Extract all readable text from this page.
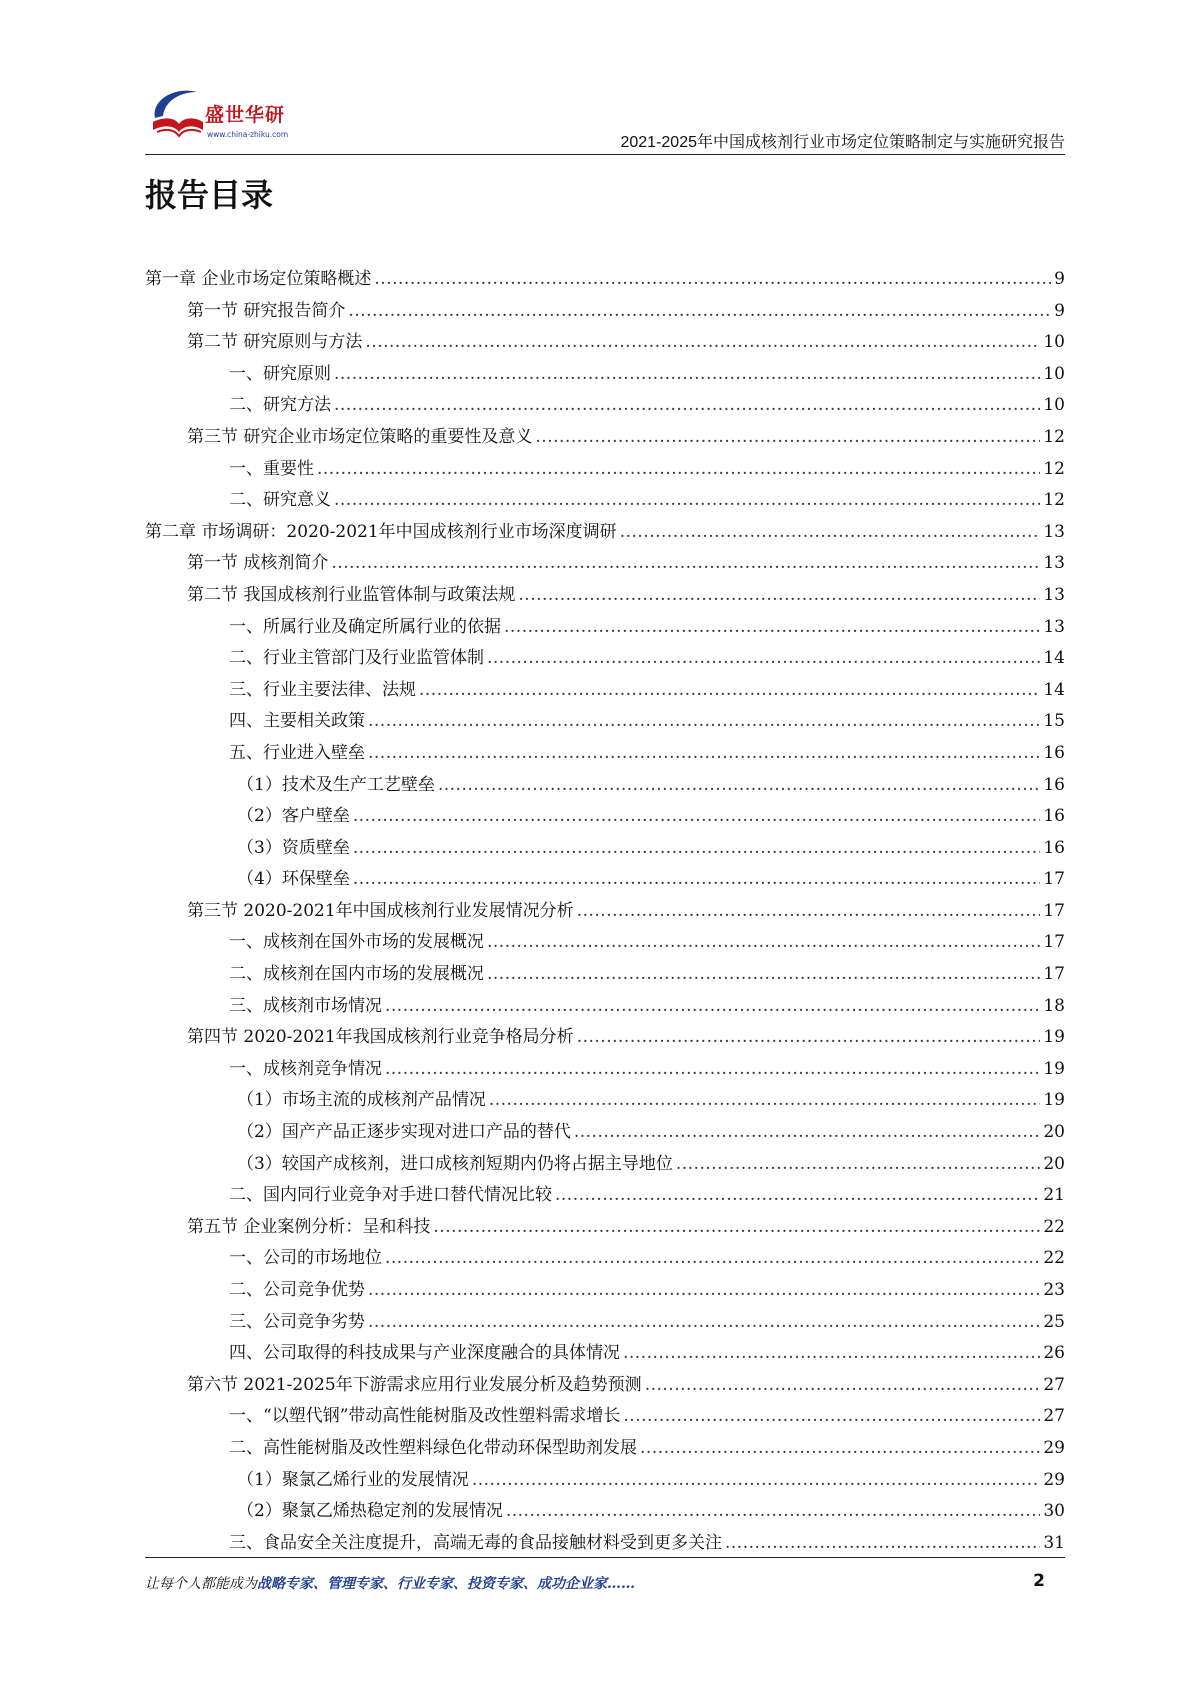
盛世华研
www.china-zhiku.com	2021-2025年中国成核剂行业市场定位策略制定与实施研究报告
报告目录
第一章 企业市场定位策略概述 .....	9
第一节 研究报告简介 .....	9
第二节 研究原则与方法 .....	10
一、研究原则 .....	10
二、研究方法 .....	10
第三节 研究企业市场定位策略的重要性及意义 .....	12
一、重要性 .....	12
二、研究意义 .....	12
第二章 市场调研：2020-2021年中国成核剂行业市场深度调研 .....	13
第一节 成核剂简介 .....	13
第二节 我国成核剂行业监管体制与政策法规 .....	13
一、所属行业及确定所属行业的依据 .....	13
二、行业主管部门及行业监管体制 .....	14
三、行业主要法律、法规 .....	14
四、主要相关政策 .....	15
五、行业进入壁垒 .....	16
（1）技术及生产工艺壁垒 .....	16
（2）客户壁垒 .....	16
（3）资质壁垒 .....	16
（4）环保壁垒 .....	17
第三节 2020-2021年中国成核剂行业发展情况分析 .....	17
一、成核剂在国外市场的发展概况 .....	17
二、成核剂在国内市场的发展概况 .....	17
三、成核剂市场情况 .....	18
第四节 2020-2021年我国成核剂行业竞争格局分析 .....	19
一、成核剂竞争情况 .....	19
（1）市场主流的成核剂产品情况 .....	19
（2）国产产品正逐步实现对进口产品的替代 .....	20
（3）较国产成核剂，进口成核剂短期内仍将占据主导地位 .....	20
二、国内同行业竞争对手进口替代情况比较 .....	21
第五节 企业案例分析：呈和科技 .....	22
一、公司的市场地位 .....	22
二、公司竞争优势 .....	23
三、公司竞争劣势 .....	25
四、公司取得的科技成果与产业深度融合的具体情况 .....	26
第六节 2021-2025年下游需求应用行业发展分析及趋势预测 .....	27
一、“以塑代钢”带动高性能树脂及改性塑料需求增长 .....	27
二、高性能树脂及改性塑料绿色化带动环保型助剂发展 .....	29
（1）聚氯乙烯行业的发展情况 .....	29
（2）聚氯乙烯热稳定剂的发展情况 .....	30
三、食品安全关注度提升，高端无毒的食品接触材料受到更多关注 .....	31
让每个人都能成为战略专家、管理专家、行业专家、投资专家、成功企业家……	2
